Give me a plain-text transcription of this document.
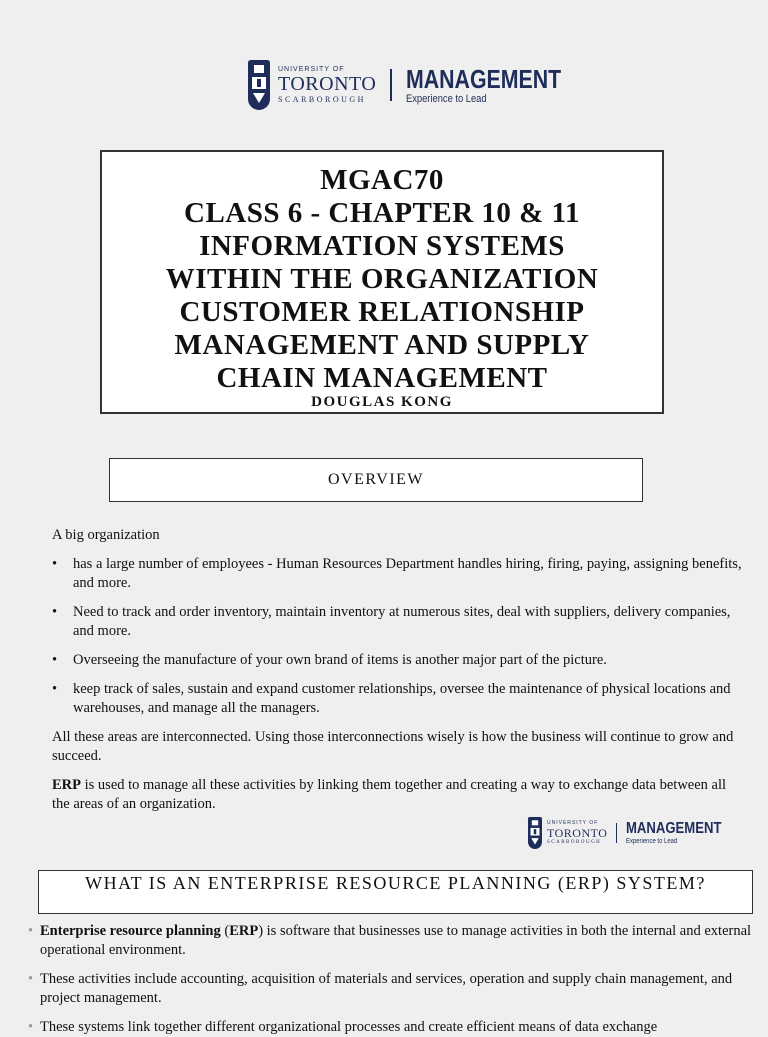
UNIVERSITY OF
TORONTO
SCARBOROUGH
MANAGEMENT
Experience to Lead
MGAC70
CLASS 6 - CHAPTER 10 & 11
INFORMATION SYSTEMS
WITHIN THE ORGANIZATION
CUSTOMER RELATIONSHIP
MANAGEMENT AND SUPPLY
CHAIN MANAGEMENT
DOUGLAS KONG
OVERVIEW

A big organization

• has a large number of employees - Human Resources Department handles hiring, firing, paying, assigning benefits, and more.
• Need to track and order inventory, maintain inventory at numerous sites, deal with suppliers, delivery companies, and more.
• Overseeing the manufacture of your own brand of items is another major part of the picture.
• keep track of sales, sustain and expand customer relationships, oversee the maintenance of physical locations and warehouses, and manage all the managers.

All these areas are interconnected. Using those interconnections wisely is how the business will continue to grow and succeed.

ERP is used to manage all these activities by linking them together and creating a way to exchange data between all the areas of an organization.

UNIVERSITY OF
TORONTO
SCARBOROUGH
MANAGEMENT
Experience to Lead
WHAT IS AN ENTERPRISE RESOURCE PLANNING (ERP) SYSTEM?
• Enterprise resource planning (ERP) is software that businesses use to manage activities in both the internal and external operational environment.
• These activities include accounting, acquisition of materials and services, operation and supply chain management, and project management.
• These systems link together different organizational processes and create efficient means of data exchange
